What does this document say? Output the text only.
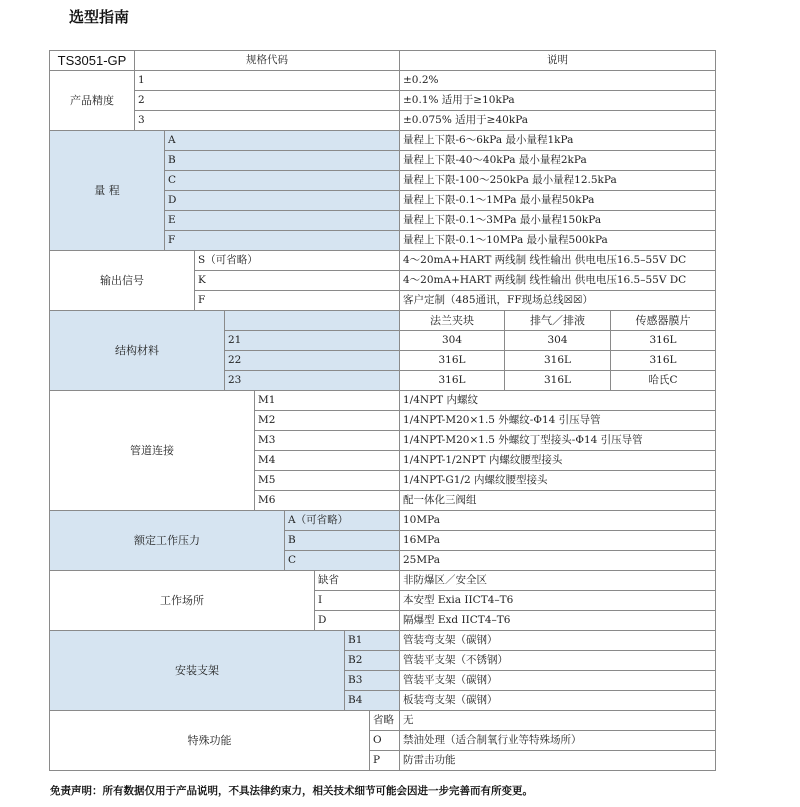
选型指南
TS3051-GP	规格代码	说明
产品精度
1	±0.2%
2	±0.1% 适用于≥10kPa
3	±0.075% 适用于≥40kPa
量 程
A	量程上下限-6～6kPa 最小量程1kPa
B	量程上下限-40～40kPa 最小量程2kPa
C	量程上下限-100～250kPa 最小量程12.5kPa
D	量程上下限-0.1～1MPa 最小量程50kPa
E	量程上下限-0.1～3MPa 最小量程150kPa
F	量程上下限-0.1～10MPa 最小量程500kPa
输出信号
S（可省略）	4～20mA+HART 两线制 线性输出 供电电压16.5–55V DC
K	4～20mA+HART 两线制 线性输出 供电电压16.5–55V DC
F	客户定制（485通讯，FF现场总线☒☒）
结构材料
法兰夹块	排气／排液	传感器膜片
21	304	304	316L
22	316L	316L	316L
23	316L	316L	哈氏C
管道连接
M1	1/4NPT 内螺纹
M2	1/4NPT-M20×1.5 外螺纹-Φ14 引压导管
M3	1/4NPT-M20×1.5 外螺纹丁型接头-Φ14 引压导管
M4	1/4NPT-1/2NPT 内螺纹腰型接头
M5	1/4NPT-G1/2 内螺纹腰型接头
M6	配一体化三阀组
额定工作压力
A（可省略）	10MPa
B	16MPa
C	25MPa
工作场所
缺省	非防爆区／安全区
I	本安型 Exia IICT4–T6
D	隔爆型 Exd IICT4–T6
安装支架
B1	管装弯支架（碳钢）
B2	管装平支架（不锈钢）
B3	管装平支架（碳钢）
B4	板装弯支架（碳钢）
特殊功能
省略 无
O	禁油处理（适合制氧行业等特殊场所）
P	防雷击功能
免责声明：所有数据仅用于产品说明，不具法律约束力，相关技术细节可能会因进一步完善而有所变更。
